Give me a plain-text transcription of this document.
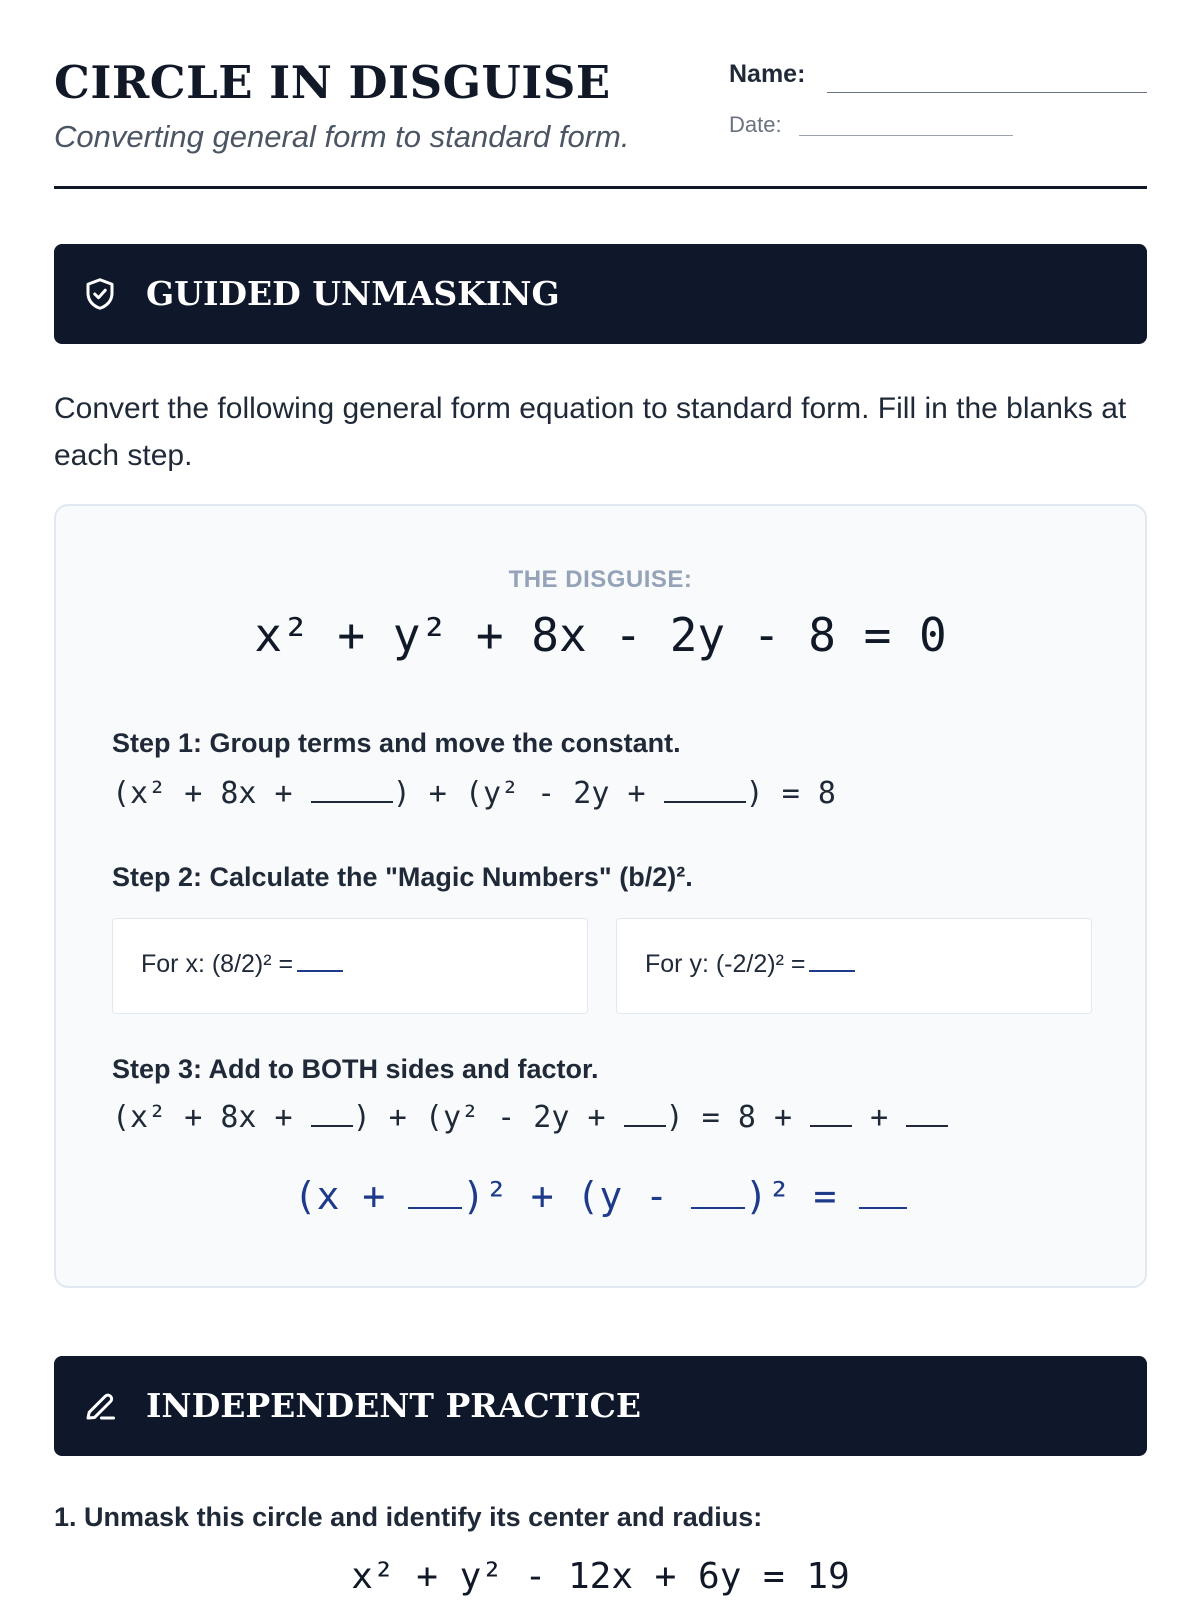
CIRCLE IN DISGUISE
Converting general form to standard form.
Name:
Date:
GUIDED UNMASKING
Convert the following general form equation to standard form. Fill in the blanks at each step.
THE DISGUISE:
x² + y² + 8x - 2y - 8 = 0
Step 1: Group terms and move the constant.
(x² + 8x +	) + (y² - 2y +	) = 8
Step 2: Calculate the "Magic Numbers" (b/2)².
For x: (8/2)² =	For y: (-2/2)² =
Step 3: Add to BOTH sides and factor.
(x² + 8x + ) + (y² - 2y + ) = 8 +  +
(x + )² + (y - )² =
INDEPENDENT PRACTICE
1. Unmask this circle and identify its center and radius:
x² + y² - 12x + 6y = 19
